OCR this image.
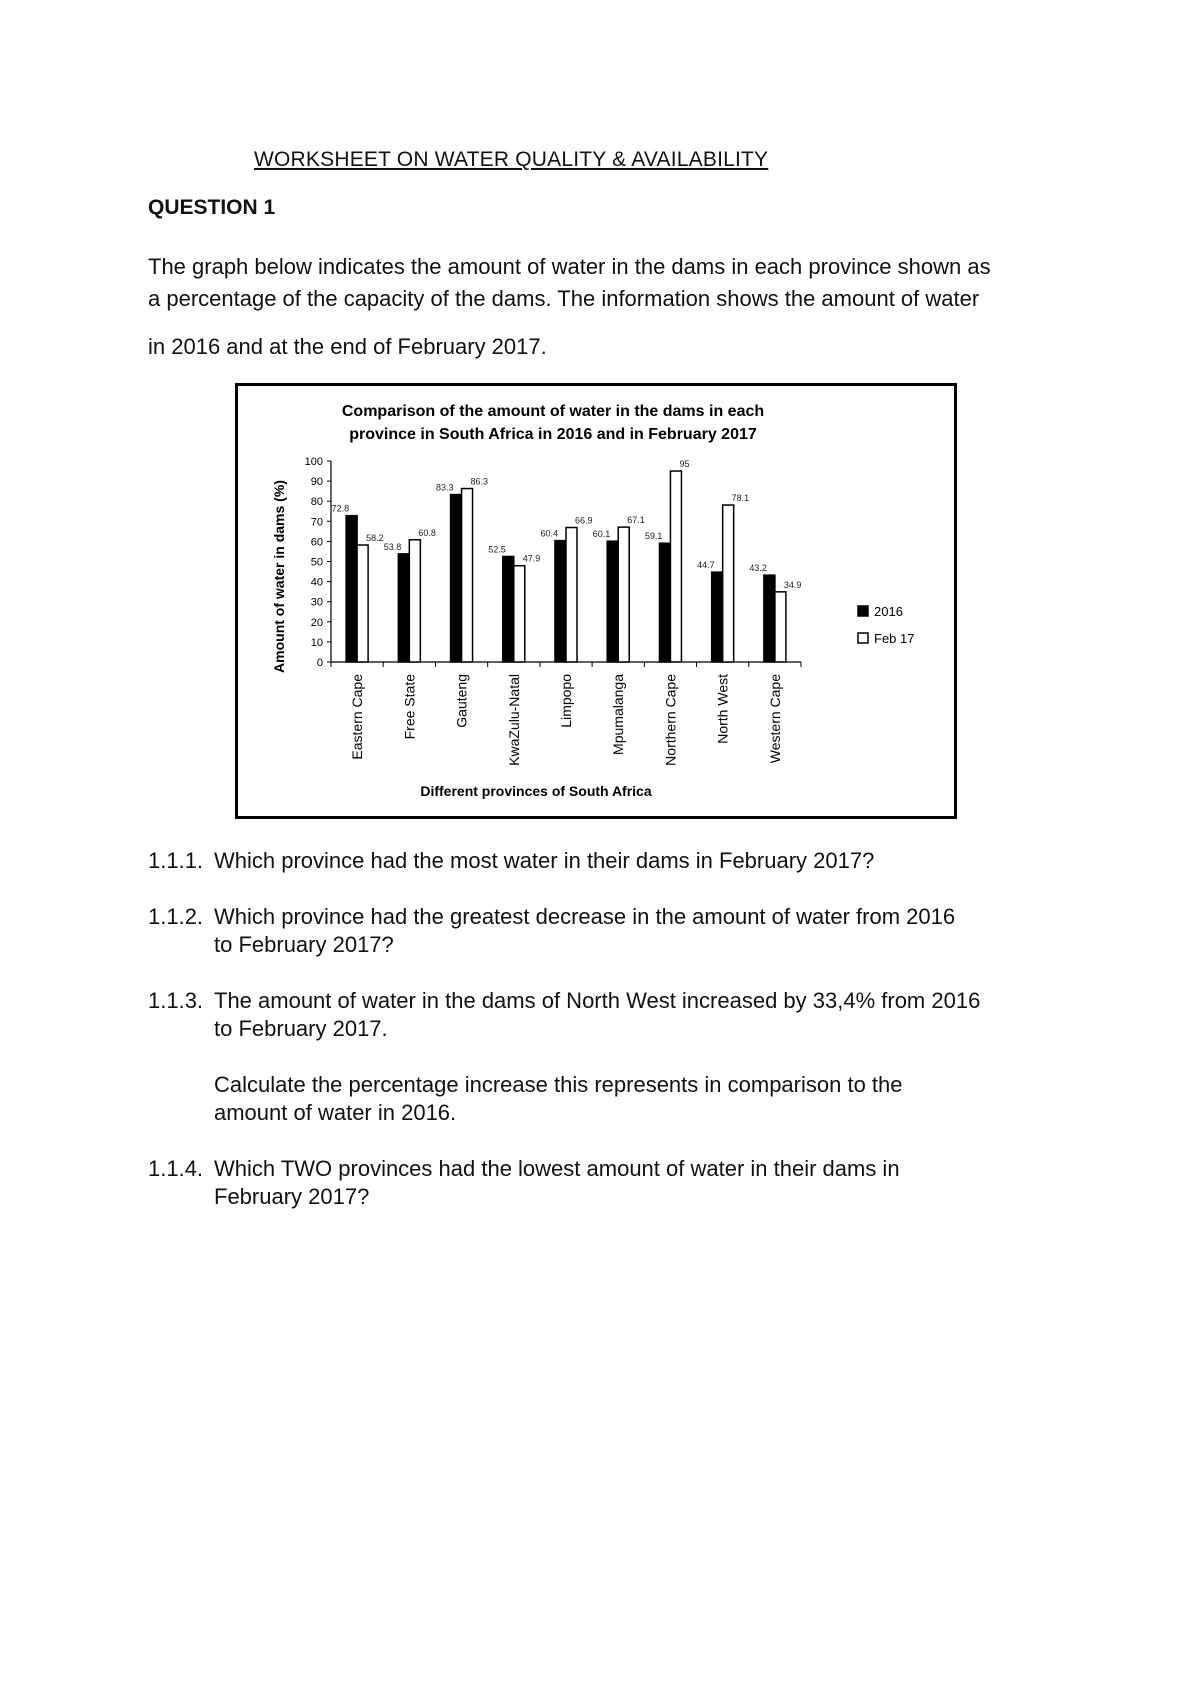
WORKSHEET ON WATER QUALITY & AVAILABILITY
QUESTION 1
The graph below indicates the amount of water in the dams in each province shown as
a percentage of the capacity of the dams. The information shows the amount of water
in 2016 and at the end of February 2017.
Comparison of the amount of water in the dams in each
province in South Africa in 2016 and in February 2017
0
10
20
30
40
50
60
70
80
90
100
Amount of water in dams (%)	72.8
58.2
Eastern Cape
53.8
60.8
Free State
83.3
86.3
Gauteng
52.5
47.9
KwaZulu-Natal
60.4
66.9
Limpopo
60.1
67.1
Mpumalanga
59.1
95
Northern Cape
44.7
78.1
North West
43.2
34.9
Western Cape
Different provinces of South Africa
2016
Feb 17
1.1.1. Which province had the most water in their dams in February 2017?
1.1.2. Which province had the greatest decrease in the amount of water from 2016
to February 2017?
1.1.3. The amount of water in the dams of North West increased by 33,4% from 2016
to February 2017.
Calculate the percentage increase this represents in comparison to the
amount of water in 2016.
1.1.4. Which TWO provinces had the lowest amount of water in their dams in
February 2017?
